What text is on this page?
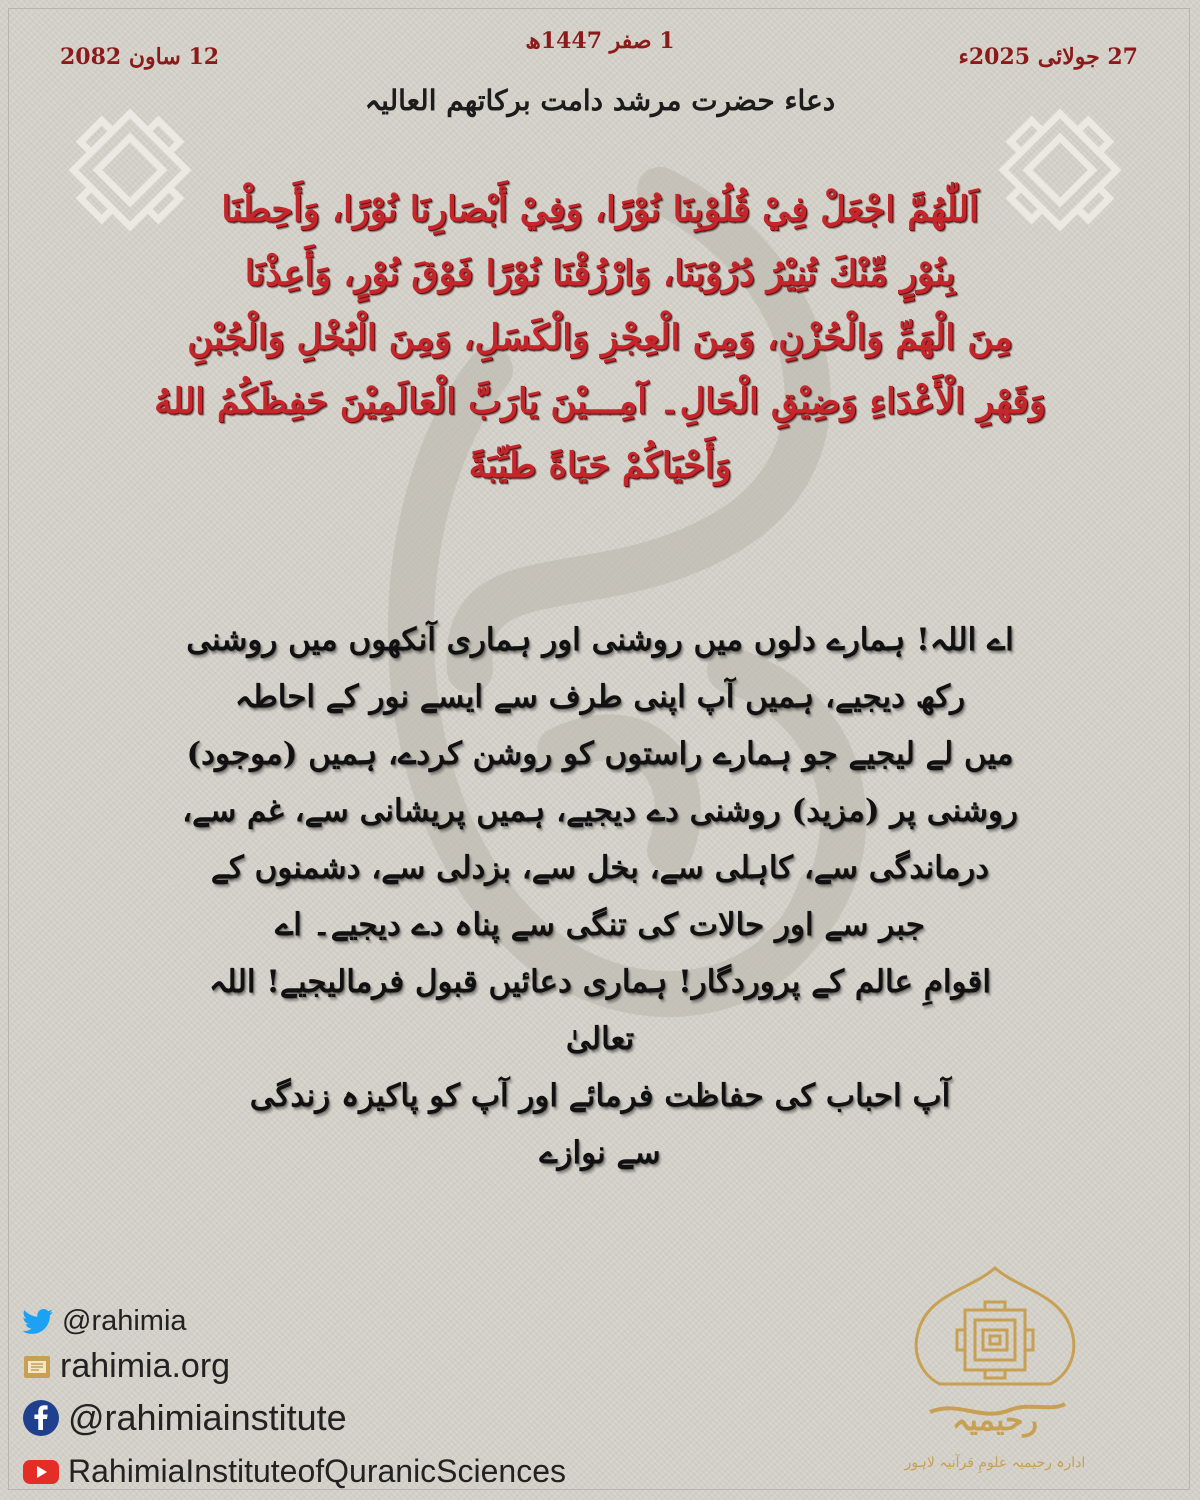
1 صفر 1447ھ
27 جولائی 2025ء
12 ساون 2082
دعاء حضرت مرشد دامت برکاتھم العالیہ
اَللّٰهُمَّ اجْعَلْ فِيْ قُلُوْبِنَا نُوْرًا، وَفِيْ أَبْصَارِنَا نُوْرًا، وَأَحِطْنَا
بِنُوْرٍ مِّنْكَ تُنِيْرُ دُرُوْبَنَا، وَارْزُقْنَا نُوْرًا فَوْقَ نُوْرٍ، وَأَعِذْنَا
مِنَ الْهَمِّ وَالْحُزْنِ، وَمِنَ الْعِجْزِ وَالْكَسَلِ، وَمِنَ الْبُخْلِ وَالْجُبْنِ
وَقَهْرِ الْأَعْدَاءِ وَضِيْقِ الْحَالِ۔ آمِـــيْنَ يَارَبَّ الْعَالَمِيْنَ حَفِظَكُمُ اللهُ
وَأَحْيَاكُمْ حَيَاةً طَيِّبَةً
اے اللہ! ہمارے دلوں میں روشنی اور ہماری آنکھوں میں روشنی
رکھ دیجیے، ہمیں آپ اپنی طرف سے ایسے نور کے احاطہ
میں لے لیجیے جو ہمارے راستوں کو روشن کردے، ہمیں (موجود)
روشنی پر (مزید) روشنی دے دیجیے، ہمیں پریشانی سے، غم سے،
درماندگی سے، کاہلی سے، بخل سے، بزدلی سے، دشمنوں کے
جبر سے اور حالات کی تنگی سے پناہ دے دیجیے۔ اے
اقوامِ عالم کے پروردگار! ہماری دعائیں قبول فرمالیجیے! اللہ تعالیٰ
آپ احباب کی حفاظت فرمائے اور آپ کو پاکیزہ زندگی
سے نوازے
@rahimia
rahimia.org
@rahimiainstitute
RahimiaInstituteofQuranicSciences
رحیمیہ
ادارہ رحیمیہ علومِ قرآنیہ لاہور
